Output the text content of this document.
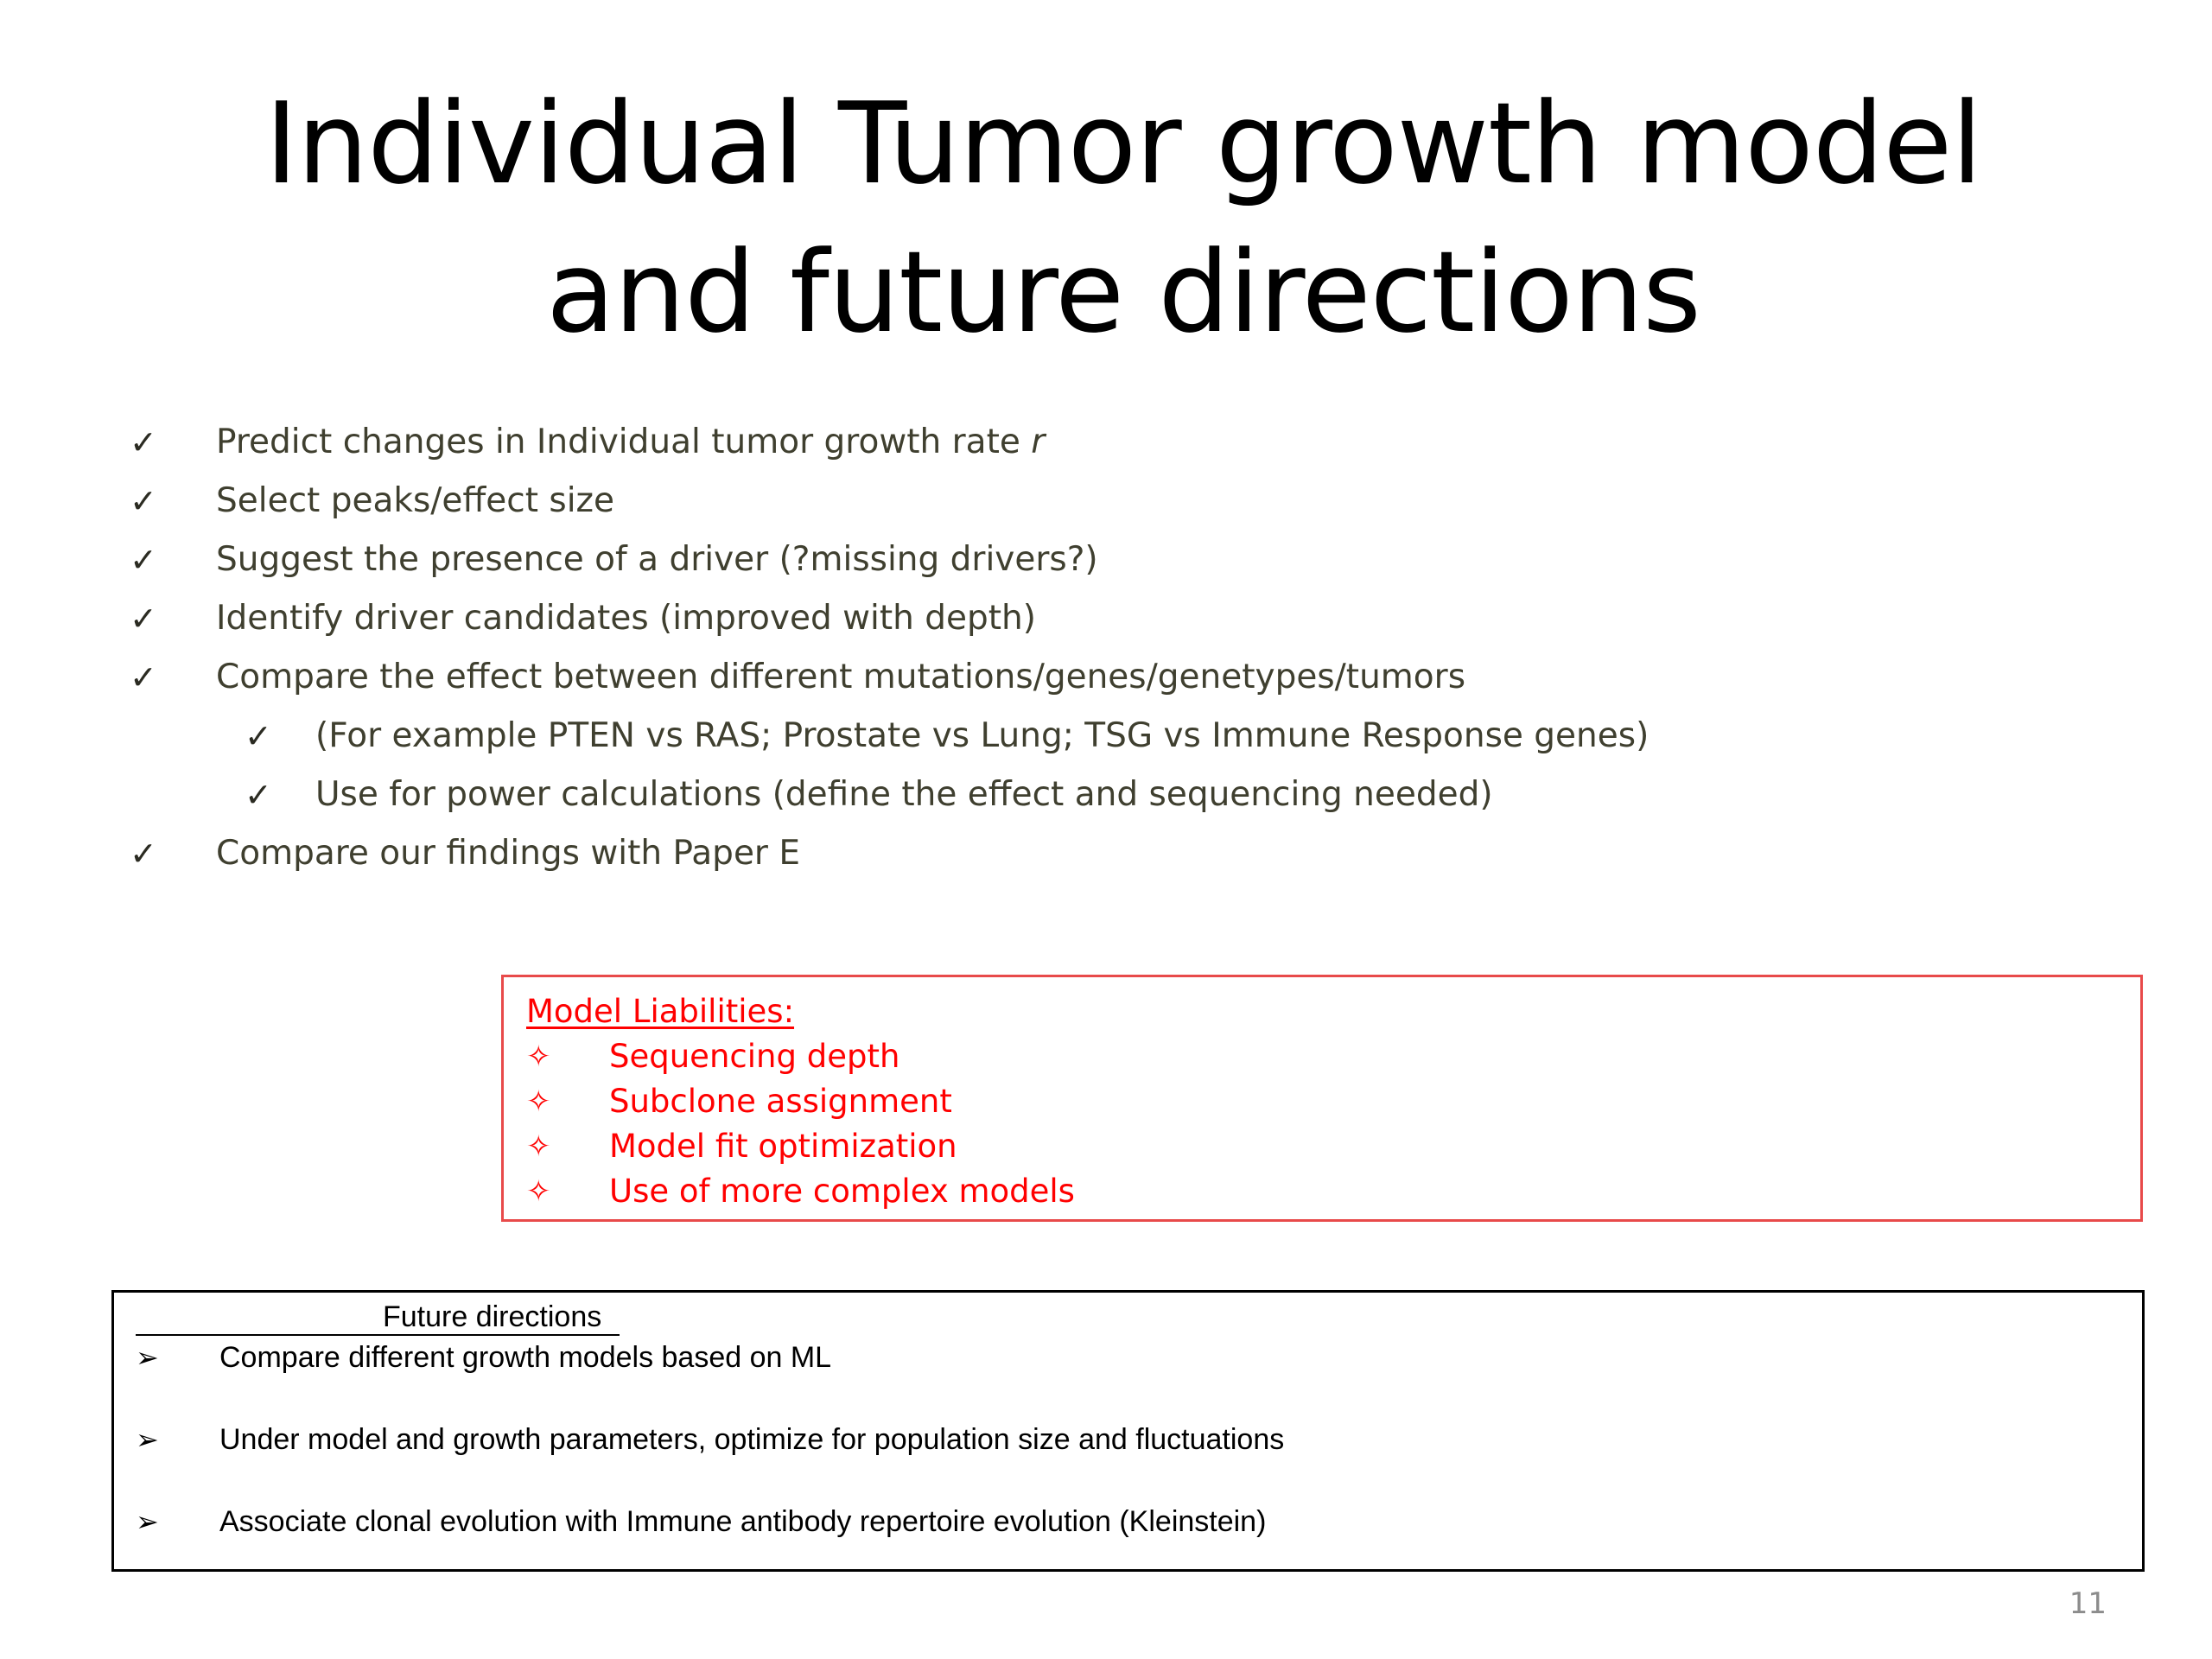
Individual Tumor growth model
and future directions
✓	Predict changes in Individual tumor growth rate r
✓	Select peaks/effect size
✓	Suggest the presence of a driver (?missing drivers?)
✓	Identify driver candidates (improved with depth)
✓	Compare the effect between different mutations/genes/genetypes/tumors
✓	(For example PTEN vs RAS; Prostate vs Lung; TSG vs Immune Response genes)
✓	Use for power calculations (define the effect and sequencing needed)
✓	Compare our findings with Paper E
Model Liabilities:
✧ Sequencing depth
✧ Subclone assignment
✧ Model fit optimization
✧ Use of more complex models
Future directions
➢ Compare different growth models based on ML
➢ Under model and growth parameters, optimize for population size and fluctuations
➢ Associate clonal evolution with Immune antibody repertoire evolution (Kleinstein)
11
